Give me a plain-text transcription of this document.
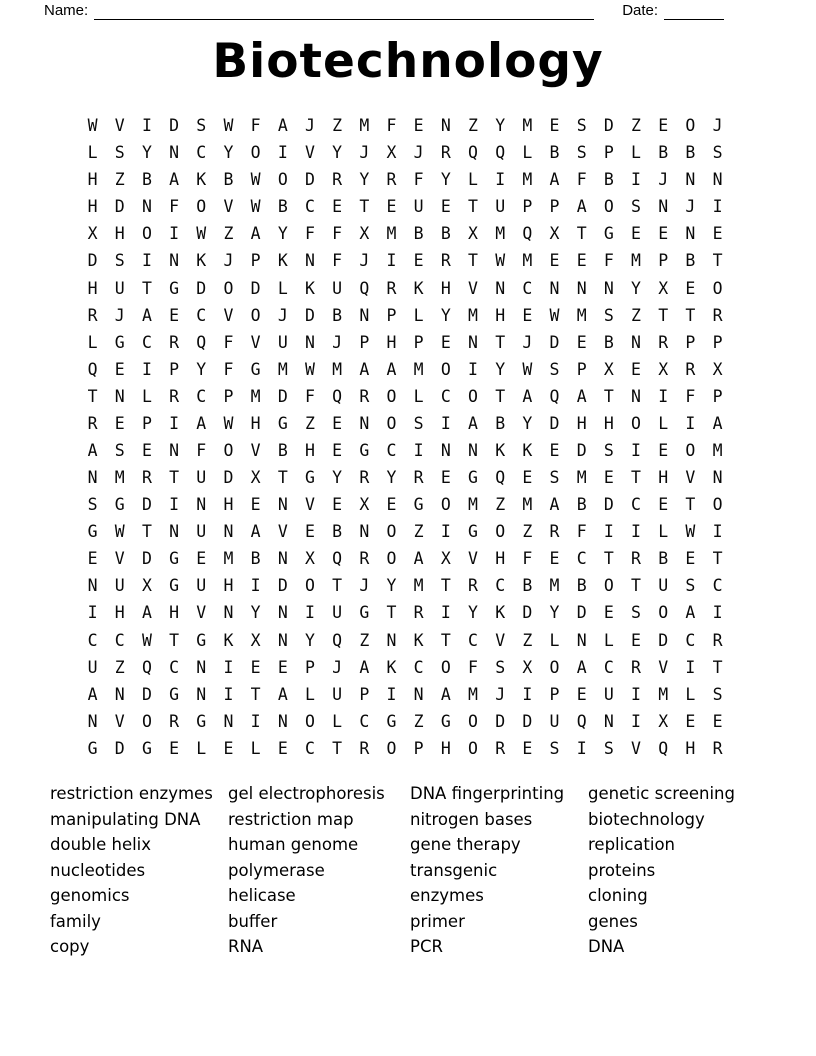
Name:	Date:
Biotechnology
W	V	I	D	S	W	F	A	J	Z	M	F	E	N	Z	Y	M	E	S	D	Z	E	O	J
L	S	Y	N	C	Y	O	I	V	Y	J	X	J	R	Q	Q	L	B	S	P	L	B	B	S
H	Z	B	A	K	B	W	O	D	R	Y	R	F	Y	L	I	M	A	F	B	I	J	N	N
H	D	N	F	O	V	W	B	C	E	T	E	U	E	T	U	P	P	A	O	S	N	J	I
X	H	O	I	W	Z	A	Y	F	F	X	M	B	B	X	M	Q	X	T	G	E	E	N	E
D	S	I	N	K	J	P	K	N	F	J	I	E	R	T	W	M	E	E	F	M	P	B	T
H	U	T	G	D	O	D	L	K	U	Q	R	K	H	V	N	C	N	N	N	Y	X	E	O
R	J	A	E	C	V	O	J	D	B	N	P	L	Y	M	H	E	W	M	S	Z	T	T	R
L	G	C	R	Q	F	V	U	N	J	P	H	P	E	N	T	J	D	E	B	N	R	P	P
Q	E	I	P	Y	F	G	M	W	M	A	A	M	O	I	Y	W	S	P	X	E	X	R	X
T	N	L	R	C	P	M	D	F	Q	R	O	L	C	O	T	A	Q	A	T	N	I	F	P
R	E	P	I	A	W	H	G	Z	E	N	O	S	I	A	B	Y	D	H	H	O	L	I	A
A	S	E	N	F	O	V	B	H	E	G	C	I	N	N	K	K	E	D	S	I	E	O	M
N	M	R	T	U	D	X	T	G	Y	R	Y	R	E	G	Q	E	S	M	E	T	H	V	N
S	G	D	I	N	H	E	N	V	E	X	E	G	O	M	Z	M	A	B	D	C	E	T	O
G	W	T	N	U	N	A	V	E	B	N	O	Z	I	G	O	Z	R	F	I	I	L	W	I
E	V	D	G	E	M	B	N	X	Q	R	O	A	X	V	H	F	E	C	T	R	B	E	T
N	U	X	G	U	H	I	D	O	T	J	Y	M	T	R	C	B	M	B	O	T	U	S	C
I	H	A	H	V	N	Y	N	I	U	G	T	R	I	Y	K	D	Y	D	E	S	O	A	I
C	C	W	T	G	K	X	N	Y	Q	Z	N	K	T	C	V	Z	L	N	L	E	D	C	R
U	Z	Q	C	N	I	E	E	P	J	A	K	C	O	F	S	X	O	A	C	R	V	I	T
A	N	D	G	N	I	T	A	L	U	P	I	N	A	M	J	I	P	E	U	I	M	L	S
N	V	O	R	G	N	I	N	O	L	C	G	Z	G	O	D	D	U	Q	N	I	X	E	E
G	D	G	E	L	E	L	E	C	T	R	O	P	H	O	R	E	S	I	S	V	Q	H	R
restriction enzymes
manipulating DNA
double helix
nucleotides
genomics
family
copy
gel electrophoresis
restriction map
human genome
polymerase
helicase
buffer
RNA
DNA fingerprinting
nitrogen bases
gene therapy
transgenic
enzymes
primer
PCR
genetic screening
biotechnology
replication
proteins
cloning
genes
DNA
